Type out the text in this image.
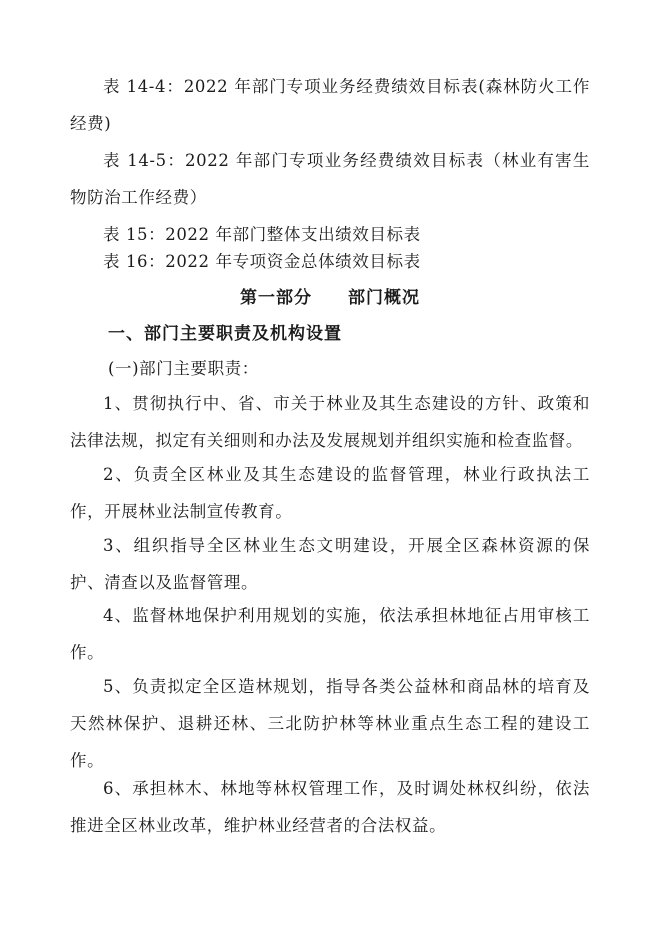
表 14-4：2022 年部门专项业务经费绩效目标表(森林防火工作经费)
表 14-5：2022 年部门专项业务经费绩效目标表（林业有害生物防治工作经费）
表 15：2022 年部门整体支出绩效目标表
表 16：2022 年专项资金总体绩效目标表
第一部分　　部门概况
一、部门主要职责及机构设置
(一)部门主要职责：
1、贯彻执行中、省、市关于林业及其生态建设的方针、政策和法律法规，拟定有关细则和办法及发展规划并组织实施和检查监督。
2、负责全区林业及其生态建设的监督管理，林业行政执法工作，开展林业法制宣传教育。
3、组织指导全区林业生态文明建设，开展全区森林资源的保护、清查以及监督管理。
4、监督林地保护利用规划的实施，依法承担林地征占用审核工作。
5、负责拟定全区造林规划，指导各类公益林和商品林的培育及天然林保护、退耕还林、三北防护林等林业重点生态工程的建设工作。
6、承担林木、林地等林权管理工作，及时调处林权纠纷，依法推进全区林业改革，维护林业经营者的合法权益。
